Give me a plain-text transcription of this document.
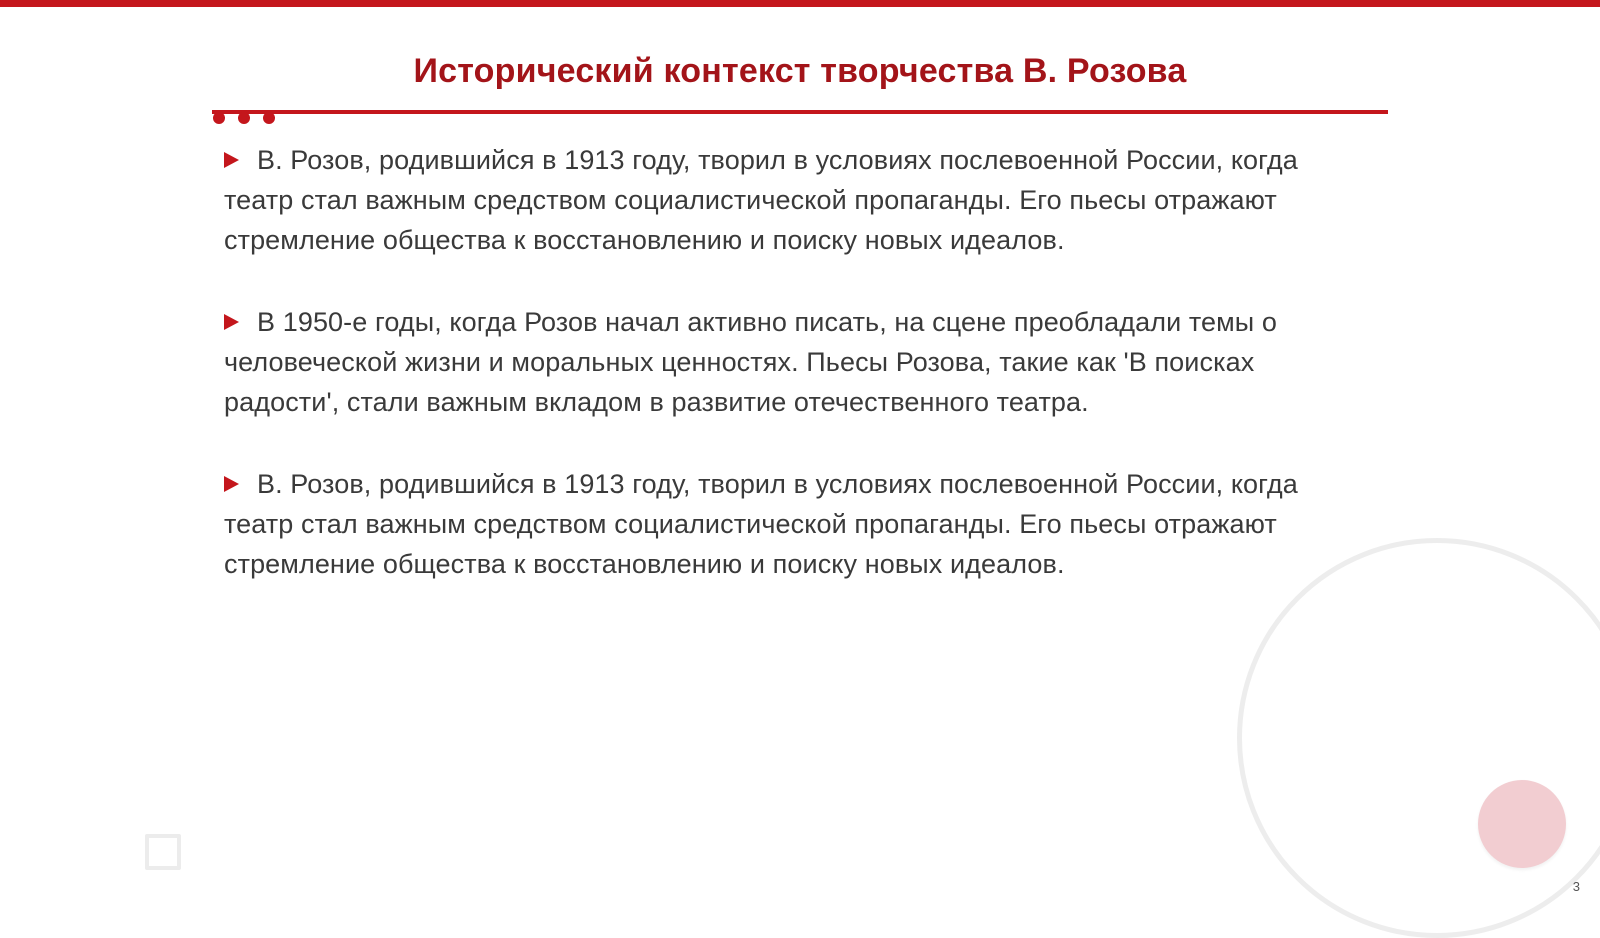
Исторический контекст творчества В. Розова

В. Розов, родившийся в 1913 году, творил в условиях послевоенной России, когда театр стал важным средством социалистической пропаганды. Его пьесы отражают стремление общества к восстановлению и поиску новых идеалов.

В 1950-е годы, когда Розов начал активно писать, на сцене преобладали темы о человеческой жизни и моральных ценностях. Пьесы Розова, такие как 'В поисках радости', стали важным вкладом в развитие отечественного театра.

В. Розов, родившийся в 1913 году, творил в условиях послевоенной России, когда театр стал важным средством социалистической пропаганды. Его пьесы отражают стремление общества к восстановлению и поиску новых идеалов.

3
